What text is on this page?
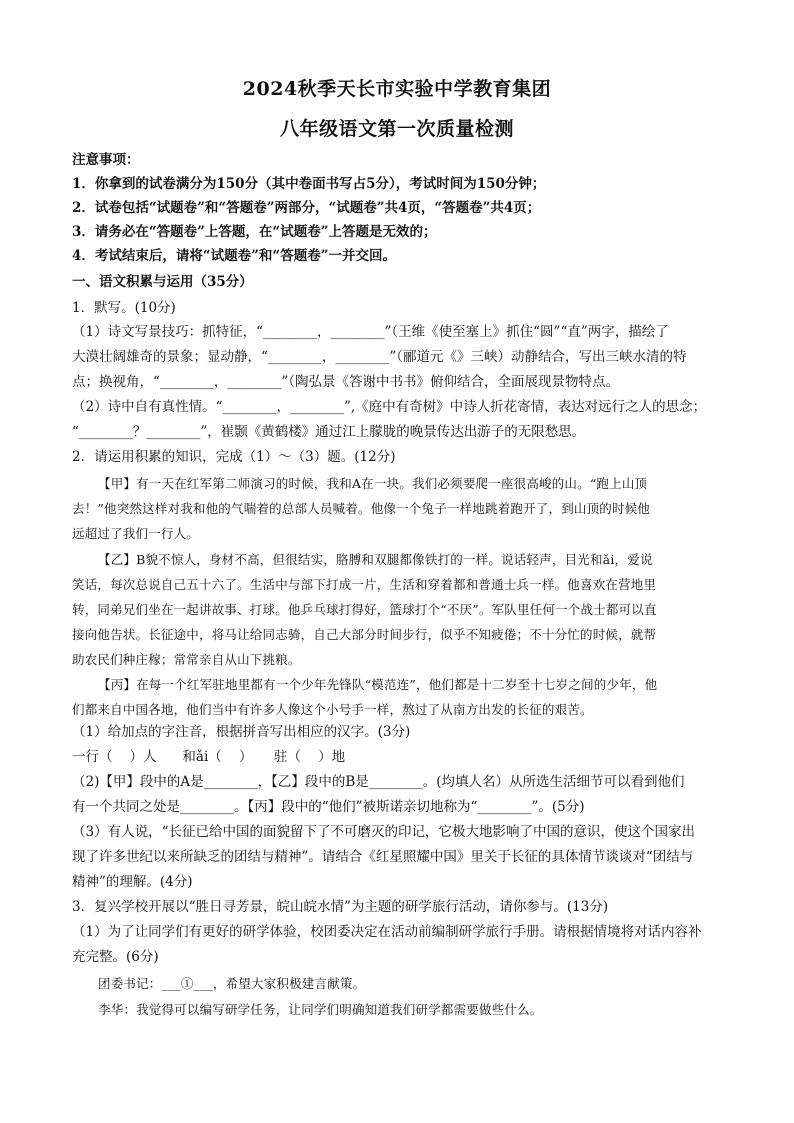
2024秋季天长市实验中学教育集团
八年级语文第一次质量检测
注意事项：
1．你拿到的试卷满分为150分（其中卷面书写占5分），考试时间为150分钟；
2．试卷包括“试题卷”和“答题卷”两部分，“试题卷”共4页，“答题卷”共4页；
3．请务必在“答题卷”上答题，在“试题卷”上答题是无效的；
4．考试结束后，请将“试题卷”和“答题卷”一并交回。
一、语文积累与运用（35分）
1．默写。(10分)
（1）诗文写景技巧：抓特征，“________，________”（王维《使至塞上》抓住“圆”“直”两字，描绘了
大漠壮阔雄奇的景象；显动静，“________，________”（郦道元《》三峡）动静结合，写出三峡水清的特
点；换视角，“________，________”（陶弘景《答谢中书书》俯仰结合，全面展现景物特点。
（2）诗中自有真性情。“________，________”,《庭中有奇树》中诗人折花寄情，表达对远行之人的思念；
“________？________”，崔颢《黄鹤楼》通过江上朦胧的晚景传达出游子的无限愁思。
2．请运用积累的知识，完成（1）～（3）题。(12分)
【甲】有一天在红军第二师演习的时候，我和A在一块。我们必须要爬一座很高峻的山。“跑上山顶
去！”他突然这样对我和他的气喘着的总部人员喊着。他像一个兔子一样地跳着跑开了，到山顶的时候他
远超过了我们一行人。
【乙】B貌不惊人，身材不高，但很结实，胳膊和双腿都像铁打的一样。说话轻声，目光和ǎi，爱说
笑话，每次总说自己五十六了。生活中与部下打成一片，生活和穿着都和普通士兵一样。他喜欢在营地里
转，同弟兄们坐在一起讲故事、打球。他乒乓球打得好，篮球打个“不厌”。军队里任何一个战士都可以直
接向他告状。长征途中，将马让给同志骑，自己大部分时间步行，似乎不知疲倦；不十分忙的时候，就帮
助农民们种庄稼；常常亲自从山下挑粮。
【丙】在每一个红军驻地里都有一个少年先锋队“模范连”，他们都是十二岁至十七岁之间的少年，他
们都来自中国各地，他们当中有许多人像这个小号手一样，熬过了从南方出发的长征的艰苦。
（1）给加点的字注音，根据拼音写出相应的汉字。(3分)
一行（    ）人      和ǎi（    ）     驻（    ）地
（2)【甲】段中的A是________，【乙】段中的B是________。(均填人名）从所选生活细节可以看到他们
有一个共同之处是________。【丙】段中的“他们”被斯诺亲切地称为“________”。(5分)
（3）有人说，“长征已给中国的面貌留下了不可磨灭的印记，它极大地影响了中国的意识，使这个国家出
现了许多世纪以来所缺乏的团结与精神”。请结合《红星照耀中国》里关于长征的具体情节谈谈对“团结与
精神”的理解。(4分)
3．复兴学校开展以“胜日寻芳景，皖山皖水情”为主题的研学旅行活动，请你参与。(13分)
（1）为了让同学们有更好的研学体验，校团委决定在活动前编制研学旅行手册。请根据情境将对话内容补
充完整。(6分)
团委书记：___①___，希望大家积极建言献策。
李华：我觉得可以编写研学任务，让同学们明确知道我们研学都需要做些什么。
